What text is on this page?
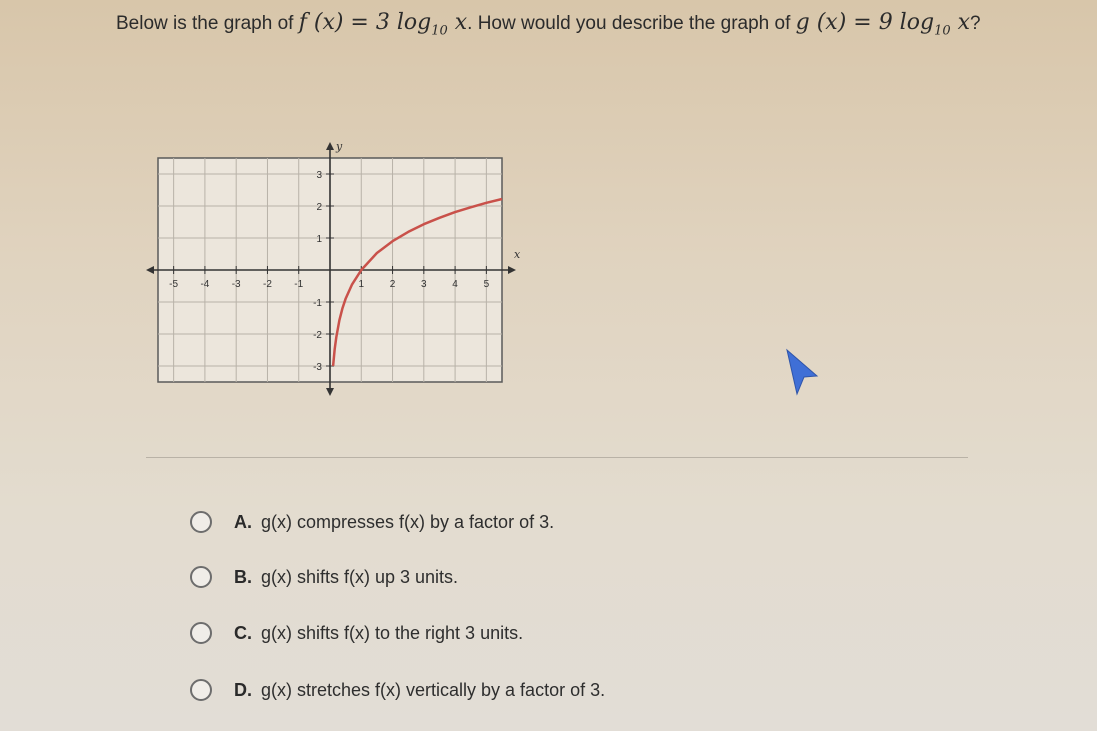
Below is the graph of f (x) = 3 $\log_{10} x$. How would you describe the graph of g (x) = 9 $\log_{10} x$?
x
y
-5 -4 -3 -2 -1	1	2	3	4	5
3
2
1
-1
-2
-3
A. g(x) compresses f(x) by a factor of 3.
B. g(x) shifts f(x) up 3 units.
C. g(x) shifts f(x) to the right 3 units.
D. g(x) stretches f(x) vertically by a factor of 3.
